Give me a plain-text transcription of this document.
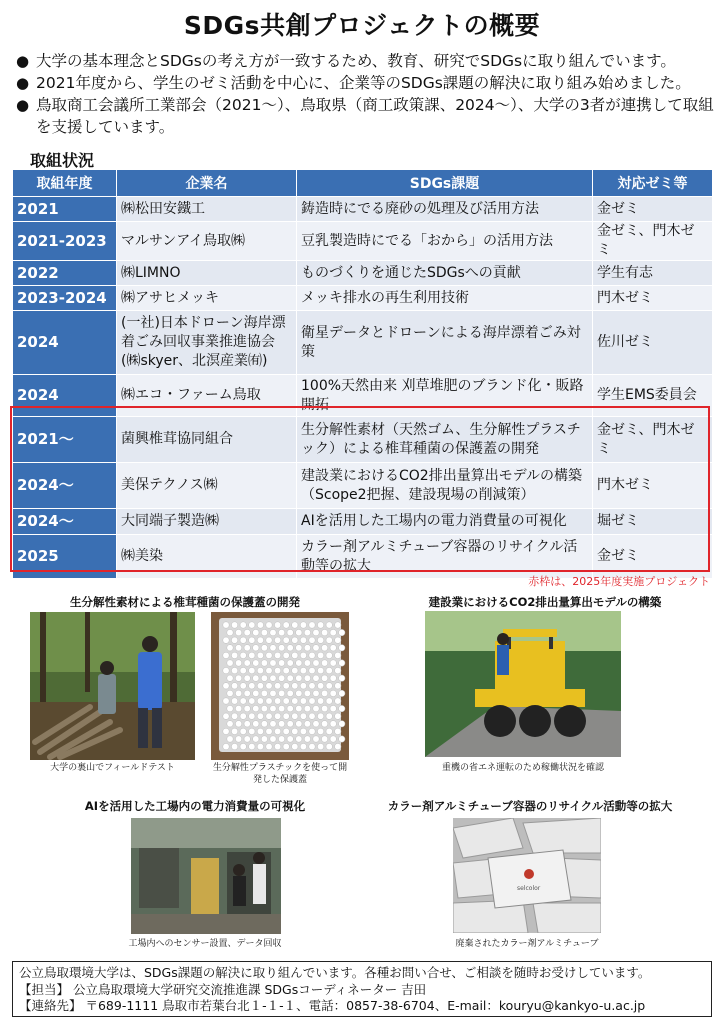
SDGs共創プロジェクトの概要
● 大学の基本理念とSDGsの考え方が一致するため、教育、研究でSDGsに取り組んでいます。
● 2021年度から、学生のゼミ活動を中心に、企業等のSDGs課題の解決に取り組み始めました。
● 鳥取商工会議所工業部会（2021～）、鳥取県（商工政策課、2024～）、大学の3者が連携して取組を支援しています。
取組状況
取組年度	企業名	SDGs課題	対応ゼミ等
2021	㈱松田安鐵工	鋳造時にでる廃砂の処理及び活用方法	金ゼミ
2021-2023	マルサンアイ鳥取㈱	豆乳製造時にでる「おから」の活用方法	金ゼミ、門木ゼミ
2022	㈱LIMNO	ものづくりを通じたSDGsへの貢献	学生有志
2023-2024	㈱アサヒメッキ	メッキ排水の再生利用技術	門木ゼミ
2024	(一社)日本ドローン海岸漂着ごみ回収事業推進協会(㈱skyer、北溟産業㈲)	衛星データとドローンによる海岸漂着ごみ対策	佐川ゼミ
2024	㈱エコ・ファーム鳥取	100%天然由来 刈草堆肥のブランド化・販路開拓	学生EMS委員会
2021～	菌興椎茸協同組合	生分解性素材（天然ゴム、生分解性プラスチック）による椎茸種菌の保護蓋の開発	金ゼミ、門木ゼミ
2024～	美保テクノス㈱	建設業におけるCO2排出量算出モデルの構築（Scope2把握、建設現場の削減策）	門木ゼミ
2024～	大同端子製造㈱	AIを活用した工場内の電力消費量の可視化	堀ゼミ
2025	㈱美染	カラー剤アルミチューブ容器のリサイクル活動等の拡大	金ゼミ
赤枠は、2025年度実施プロジェクト
生分解性素材による椎茸種菌の保護蓋の開発
大学の裏山でフィールドテスト	生分解性プラスチックを使って開発した保護蓋
建設業におけるCO2排出量算出モデルの構築
重機の省エネ運転のため稼働状況を確認
AIを活用した工場内の電力消費量の可視化
工場内へのセンサー設置、データ回収
カラー剤アルミチューブ容器のリサイクル活動等の拡大
selcolor
廃棄されたカラー剤アルミチューブ
公立鳥取環境大学は、SDGs課題の解決に取り組んでいます。各種お問い合せ、ご相談を随時お受けしています。
【担当】 公立鳥取環境大学研究交流推進課 SDGsコーディネーター 吉田
【連絡先】 〒689-1111 鳥取市若葉台北１-１-１、電話：0857-38-6704、E-mail：kouryu@kankyo-u.ac.jp
